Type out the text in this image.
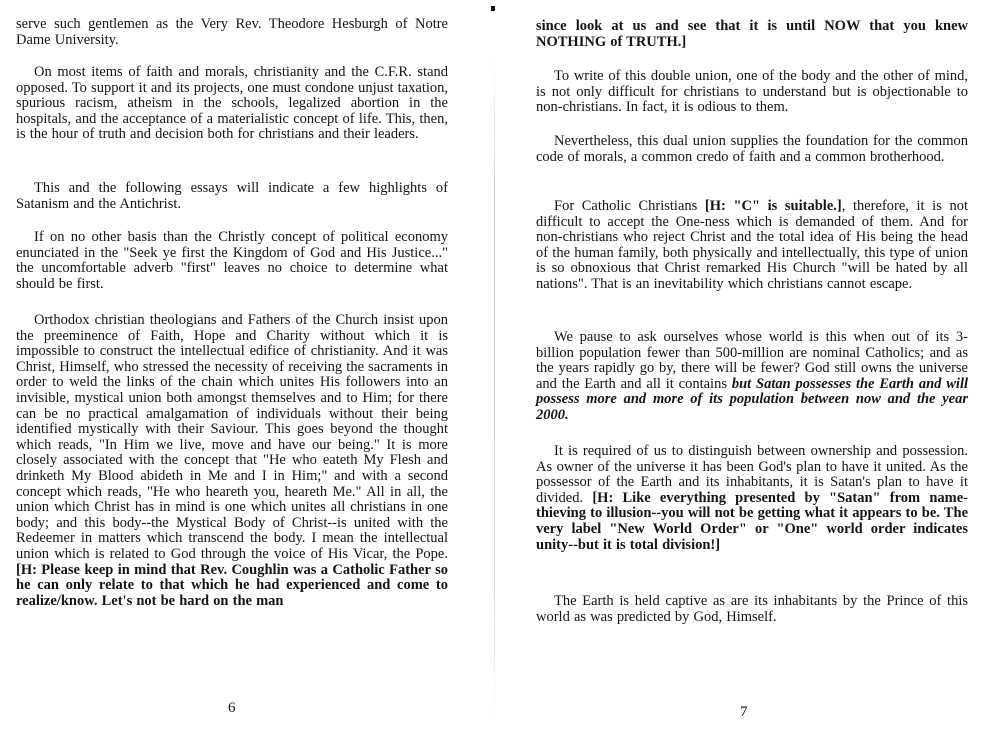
serve such gentlemen as the Very Rev. Theodore Hesburgh of Notre Dame University.

On most items of faith and morals, christianity and the C.F.R. stand opposed. To support it and its projects, one must condone unjust taxation, spurious racism, atheism in the schools, legalized abortion in the hospitals, and the acceptance of a materialistic concept of life. This, then, is the hour of truth and decision both for christians and their leaders.

This and the following essays will indicate a few highlights of Satanism and the Antichrist.

If on no other basis than the Christly concept of political economy enunciated in the "Seek ye first the Kingdom of God and His Justice..." the uncomfortable adverb "first" leaves no choice to determine what should be first.

Orthodox christian theologians and Fathers of the Church insist upon the preeminence of Faith, Hope and Charity without which it is impossible to construct the intellectual edifice of christianity. And it was Christ, Himself, who stressed the necessity of receiving the sacraments in order to weld the links of the chain which unites His followers into an invisible, mystical union both amongst themselves and to Him; for there can be no practical amalgamation of individuals without their being identified mystically with their Saviour. This goes beyond the thought which reads, "In Him we live, move and have our being." It is more closely associated with the concept that "He who eateth My Flesh and drinketh My Blood abideth in Me and I in Him;" and with a second concept which reads, "He who heareth you, heareth Me." All in all, the union which Christ has in mind is one which unites all christians in one body; and this body--the Mystical Body of Christ--is united with the Redeemer in matters which transcend the body. I mean the intellectual union which is related to God through the voice of His Vicar, the Pope. [H: Please keep in mind that Rev. Coughlin was a Catholic Father so he can only relate to that which he had experienced and come to realize/know. Let's not be hard on the man

6

since look at us and see that it is until NOW that you knew NOTHING of TRUTH.]

To write of this double union, one of the body and the other of mind, is not only difficult for christians to understand but is objectionable to non-christians. In fact, it is odious to them.

Nevertheless, this dual union supplies the foundation for the common code of morals, a common credo of faith and a common brotherhood.

For Catholic Christians [H: "C" is suitable.], therefore, it is not difficult to accept the One-ness which is demanded of them. And for non-christians who reject Christ and the total idea of His being the head of the human family, both physically and intellectually, this type of union is so obnoxious that Christ remarked His Church "will be hated by all nations". That is an inevitability which christians cannot escape.

We pause to ask ourselves whose world is this when out of its 3-billion population fewer than 500-million are nominal Catholics; and as the years rapidly go by, there will be fewer? God still owns the universe and the Earth and all it contains but Satan possesses the Earth and will possess more and more of its population between now and the year 2000.

It is required of us to distinguish between ownership and possession. As owner of the universe it has been God's plan to have it united. As the possessor of the Earth and its inhabitants, it is Satan's plan to have it divided. [H: Like everything presented by "Satan" from name-thieving to illusion--you will not be getting what it appears to be. The very label "New World Order" or "One" world order indicates unity--but it is total division!]

The Earth is held captive as are its inhabitants by the Prince of this world as was predicted by God, Himself.

7
